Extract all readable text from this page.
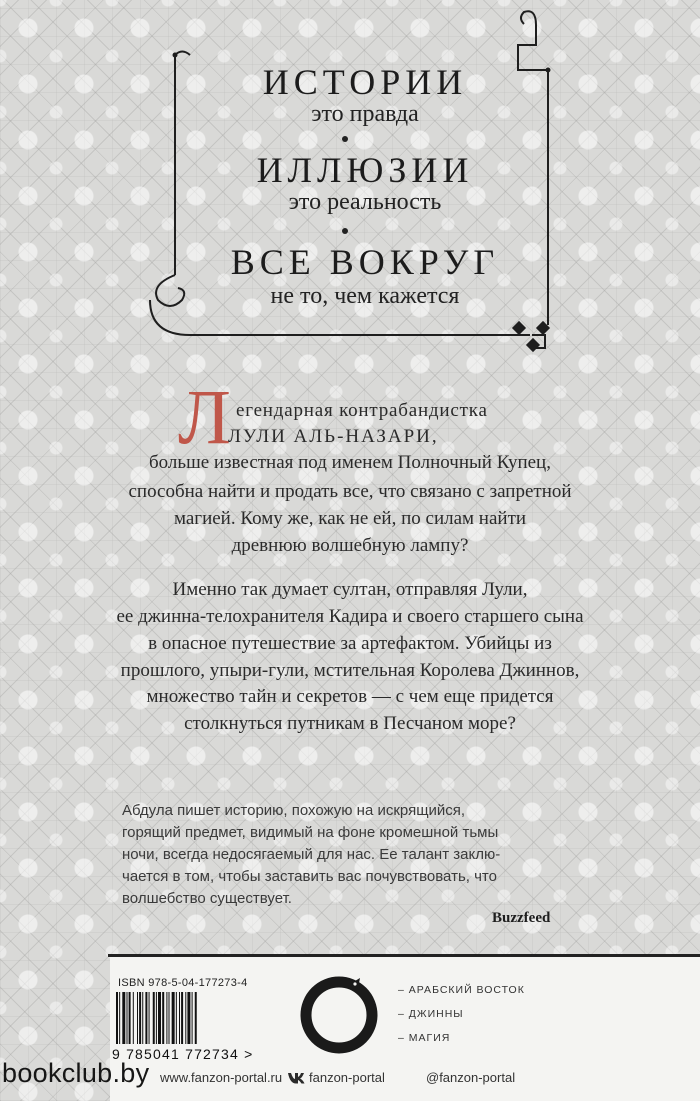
ИСТОРИИ
это правда
ИЛЛЮЗИИ
это реальность
ВСЕ ВОКРУГ
не то, чем кажется
Л егендарная контрабандистка
ЛУЛИ АЛЬ-НАЗАРИ,
больше известная под именем Полночный Купец,
способна найти и продать все, что связано с запретной
магией. Кому же, как не ей, по силам найти
древнюю волшебную лампу?
Именно так думает султан, отправляя Лули,
ее джинна-телохранителя Кадира и своего старшего сына
в опасное путешествие за артефактом. Убийцы из
прошлого, упыри-гули, мстительная Королева Джиннов,
множество тайн и секретов — с чем еще придется
столкнуться путникам в Песчаном море?
Абдула пишет историю, похожую на искрящийся,
горящий предмет, видимый на фоне кромешной тьмы
ночи, всегда недосягаемый для нас. Ее талант заклю-
чается в том, чтобы заставить вас почувствовать, что
волшебство существует.
Buzzfeed
ISBN 978-5-04-177273-4
9 785041 772734 >
– АРАБСКИЙ ВОСТОК
– ДЖИННЫ
– МАГИЯ
www.fanzon-portal.ru fanzon-portal	@fanzon-portal
bookclub.by
